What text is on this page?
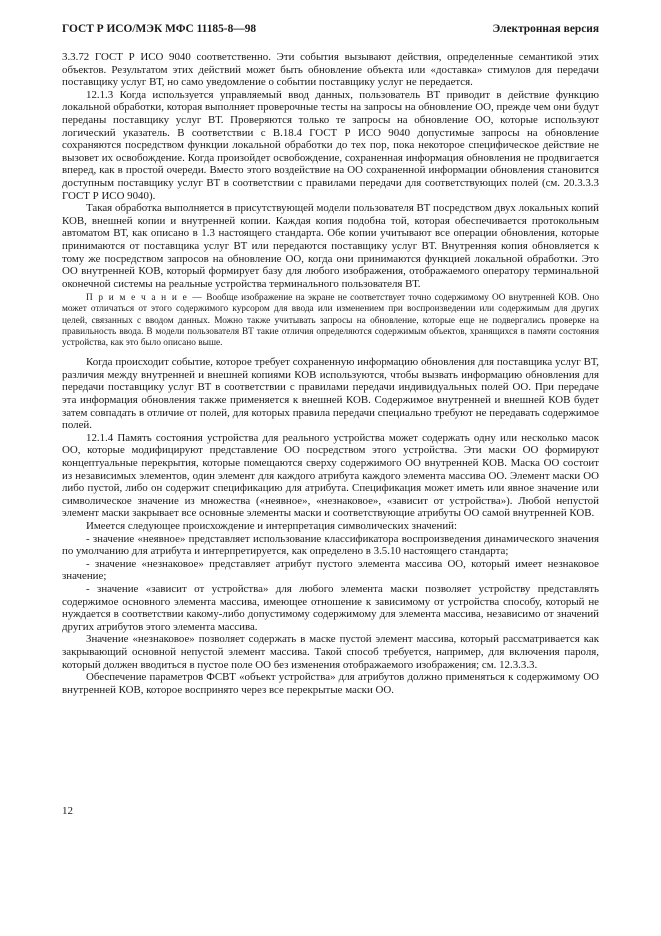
ГОСТ Р ИСО/МЭК МФС 11185-8—98	Электронная версия

3.3.72 ГОСТ Р ИСО 9040 соответственно. Эти события вызывают действия, определенные семантикой этих объектов. Результатом этих действий может быть обновление объекта или «доставка» стимулов для передачи поставщику услуг ВТ, но само уведомление о событии поставщику услуг не передается.

12.1.3 Когда используется управляемый ввод данных, пользователь ВТ приводит в действие функцию локальной обработки, которая выполняет проверочные тесты на запросы на обновление ОО, прежде чем они будут переданы поставщику услуг ВТ. Проверяются только те запросы на обновление ОО, которые используют логический указатель. В соответствии с В.18.4 ГОСТ Р ИСО 9040 допустимые запросы на обновление сохраняются посредством функции локальной обработки до тех пор, пока некоторое специфическое действие не вызовет их освобождение. Когда произойдет освобождение, сохраненная информация обновления не продвигается вперед, как в простой очереди. Вместо этого воздействие на ОО сохраненной информации обновления становится доступным поставщику услуг ВТ в соответствии с правилами передачи для соответствующих полей (см. 20.3.3.3 ГОСТ Р ИСО 9040).

Такая обработка выполняется в присутствующей модели пользователя ВТ посредством двух локальных копий КОВ, внешней копии и внутренней копии. Каждая копия подобна той, которая обеспечивается протокольным автоматом ВТ, как описано в 1.3 настоящего стандарта. Обе копии учитывают все операции обновления, которые принимаются от поставщика услуг ВТ или передаются поставщику услуг ВТ. Внутренняя копия обновляется к тому же посредством запросов на обновление ОО, когда они принимаются функцией локальной обработки. Это ОО внутренней КОВ, который формирует базу для любого изображения, отображаемого оператору терминальной оконечной системы на реальные устройства терминального пользователя ВТ.

П р и м е ч а н и е — Вообще изображение на экране не соответствует точно содержимому ОО внутренней КОВ. Оно может отличаться от этого содержимого курсором для ввода или изменением при воспроизведении или содержимым для других целей, связанных с вводом данных. Можно также учитывать запросы на обновление, которые еще не подвергались проверке на правильность ввода. В модели пользователя ВТ такие отличия определяются содержимым объектов, хранящихся в памяти состояния устройства, как это было описано выше.

Когда происходит событие, которое требует сохраненную информацию обновления для поставщика услуг ВТ, различия между внутренней и внешней копиями КОВ используются, чтобы вызвать информацию обновления для передачи поставщику услуг ВТ в соответствии с правилами передачи индивидуальных полей ОО. При передаче эта информация обновления также применяется к внешней КОВ. Содержимое внутренней и внешней КОВ будет затем совпадать в отличие от полей, для которых правила передачи специально требуют не передавать содержимое полей.

12.1.4 Память состояния устройства для реального устройства может содержать одну или несколько масок ОО, которые модифицируют представление ОО посредством этого устройства. Эти маски ОО формируют концептуальные перекрытия, которые помещаются сверху содержимого ОО внутренней КОВ. Маска ОО состоит из независимых элементов, один элемент для каждого атрибута каждого элемента массива ОО. Элемент маски ОО либо пустой, либо он содержит спецификацию для атрибута. Спецификация может иметь или явное значение или символическое значение из множества («неявное», «незнаковое», «зависит от устройства»). Любой непустой элемент маски закрывает все основные элементы маски и соответствующие атрибуты ОО самой внутренней КОВ.

Имеется следующее происхождение и интерпретация символических значений:

- значение «неявное» представляет использование классификатора воспроизведения динамического значения по умолчанию для атрибута и интерпретируется, как определено в 3.5.10 настоящего стандарта;

- значение «незнаковое» представляет атрибут пустого элемента массива ОО, который имеет незнаковое значение;

- значение «зависит от устройства» для любого элемента маски позволяет устройству представлять содержимое основного элемента массива, имеющее отношение к зависимому от устройства способу, который не нуждается в соответствии какому-либо допустимому содержимому для элемента массива, независимо от значений других атрибутов этого элемента массива.

Значение «незнаковое» позволяет содержать в маске пустой элемент массива, который рассматривается как закрывающий основной непустой элемент массива. Такой способ требуется, например, для включения пароля, который должен вводиться в пустое поле ОО без изменения отображаемого изображения; см. 12.3.3.3.

Обеспечение параметров ФСВТ «объект устройства» для атрибутов должно применяться к содержимому ОО внутренней КОВ, которое воспринято через все перекрытые маски ОО.

12
